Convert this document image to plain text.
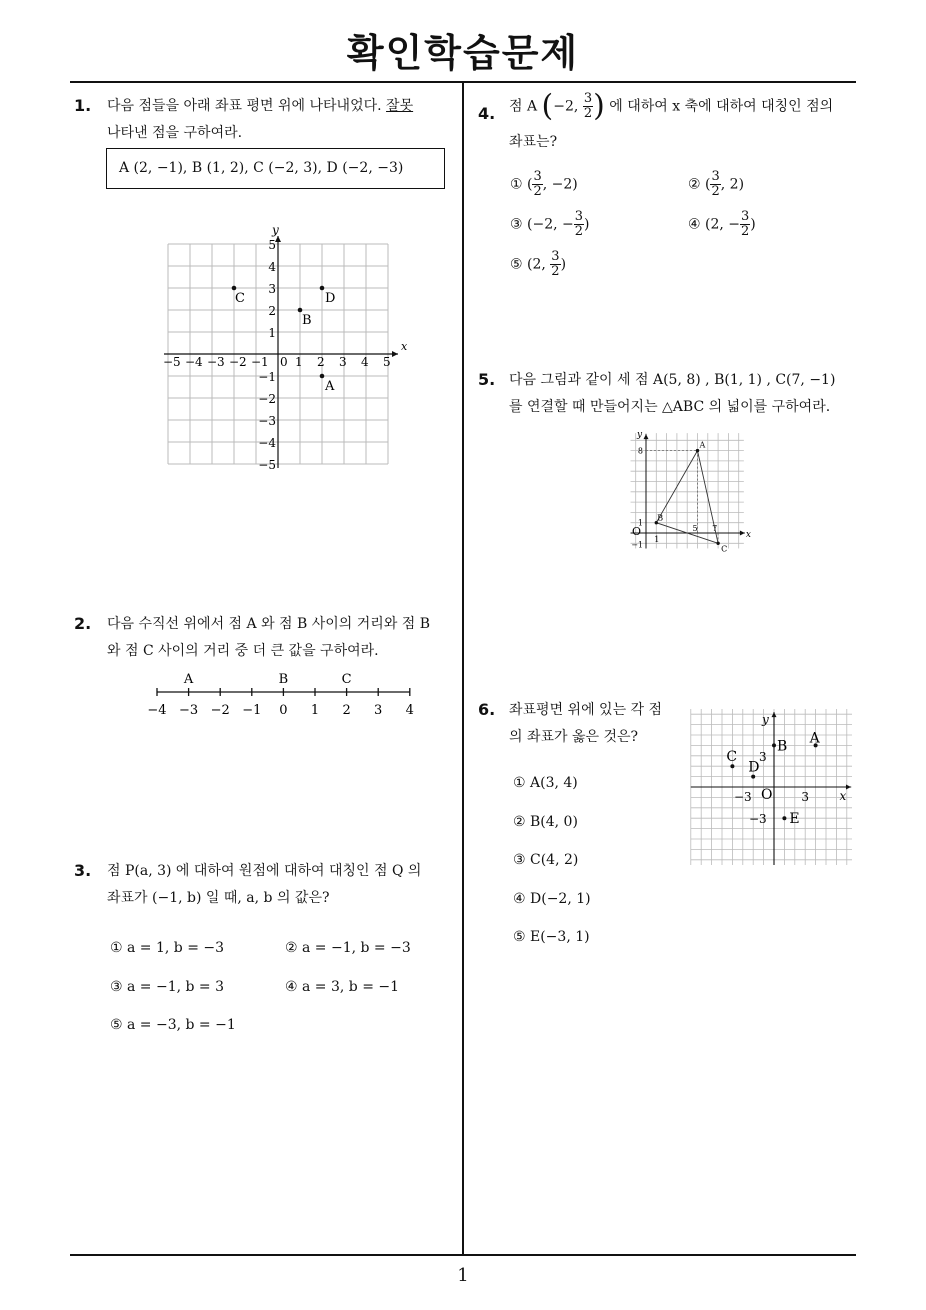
확인학습문제
1
1. 다음 점들을 아래 좌표 평면 위에 나타내었다. 잘못
나타낸 점을 구하여라.
A (2, −1), B (1, 2), C (−2, 3), D (−2, −3)
x
y
−5 −4 −3 −2 −1 0 1 2 3 4 5
5
4
3
2
1
−1
−2
−3
−4
−5
A
B
C	D
2. 다음 수직선 위에서 점 A 와 점 B 사이의 거리와 점 B
와 점 C 사이의 거리 중 더 큰 값을 구하여라.
−4 −3 −2 −1 0 1 2 3 4
A	B	C
3. 점 P(a, 3) 에 대하여 원점에 대하여 대칭인 점 Q 의
좌표가 (−1, b) 일 때, a, b 의 값은?
① a = 1, b = −3	② a = −1, b = −3
③ a = −1, b = 3	④ a = 3, b = −1
⑤ a = −3, b = −1
4. 점 A (−2, $\frac{3}{2}$ ) 에 대하여 x 축에 대하여 대칭인 점의
좌표는?
① ( $\frac{3}{2}$ , −2)	② ( $\frac{3}{2}$ , 2)
③ (−2, − $\frac{3}{2}$ )	④ (2, − $\frac{3}{2}$ )
⑤ (2, $\frac{3}{2}$ )
5. 다음 그림과 같이 세 점 A(5, 8) , B(1, 1) , C(7, −1)
를 연결할 때 만들어지는 △ABC 의 넓이를 구하여라.
x
y
8
1
−1
1
5 7
O
A
B
C
6. 좌표평면 위에 있는 각 점
의 좌표가 옳은 것은?
① A(3, 4)
② B(4, 0)
③ C(4, 2)
④ D(−2, 1)
⑤ E(−3, 1)
x
y
O
−3	3
3
−3
A
B
C
D
E
